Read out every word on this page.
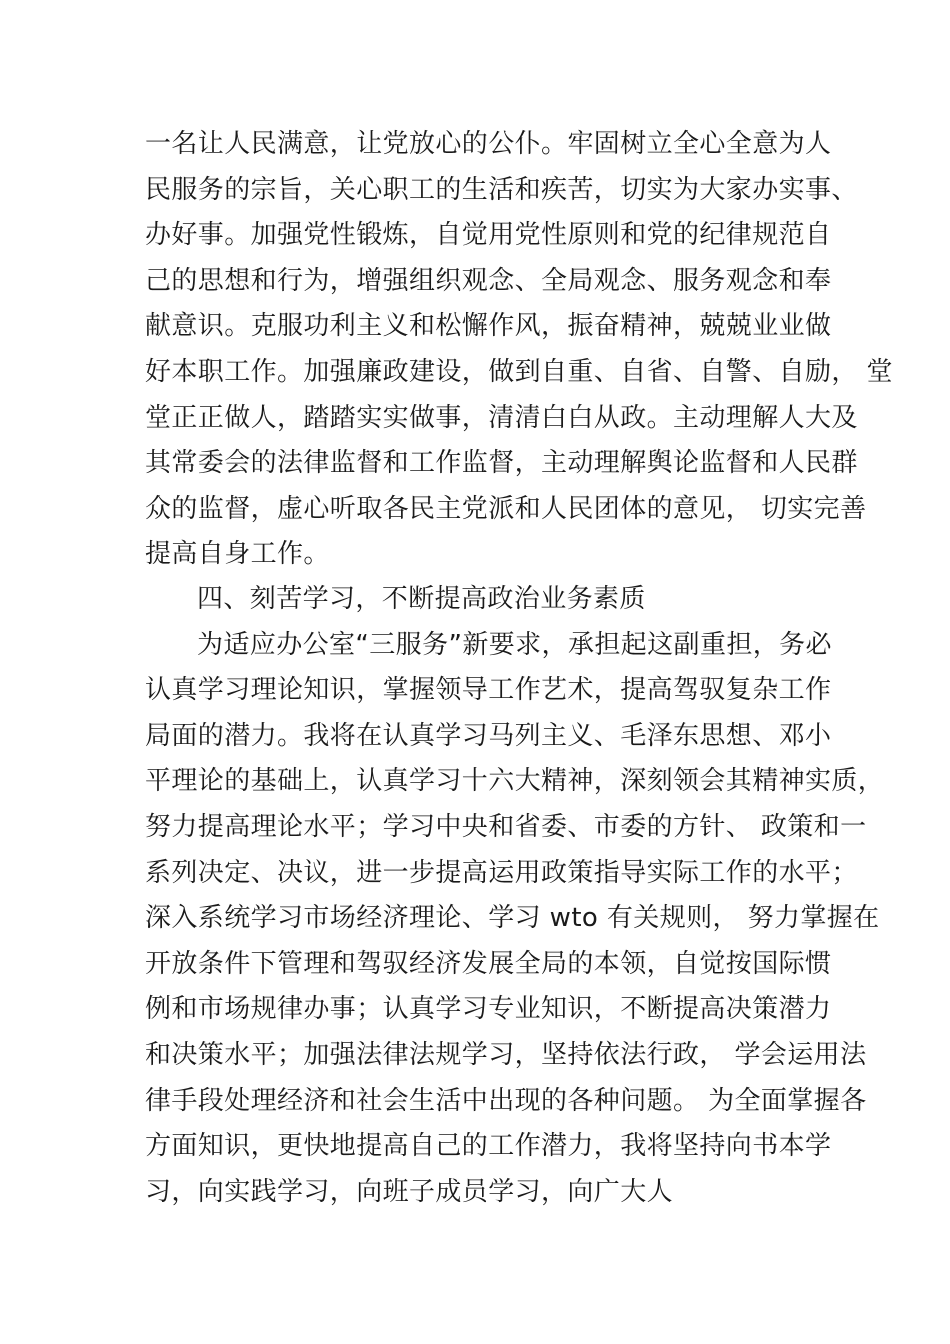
一名让人民满意，让党放心的公仆。牢固树立全心全意为人
民服务的宗旨，关心职工的生活和疾苦，切实为大家办实事、
办好事。加强党性锻炼，自觉用党性原则和党的纪律规范自
己的思想和行为，增强组织观念、全局观念、服务观念和奉
献意识。克服功利主义和松懈作风，振奋精神，兢兢业业做
好本职工作。加强廉政建设，做到自重、自省、自警、自励， 堂
堂正正做人，踏踏实实做事，清清白白从政。主动理解人大及
其常委会的法律监督和工作监督，主动理解舆论监督和人民群
众的监督，虚心听取各民主党派和人民团体的意见， 切实完善
提高自身工作。
四、刻苦学习，不断提高政治业务素质
为适应办公室“三服务”新要求，承担起这副重担，务必
认真学习理论知识，掌握领导工作艺术，提高驾驭复杂工作
局面的潜力。我将在认真学习马列主义、毛泽东思想、邓小
平理论的基础上，认真学习十六大精神，深刻领会其精神实质，
努力提高理论水平；学习中央和省委、市委的方针、 政策和一
系列决定、决议，进一步提高运用政策指导实际工作的水平；
深入系统学习市场经济理论、学习 wto 有关规则， 努力掌握在
开放条件下管理和驾驭经济发展全局的本领，自觉按国际惯
例和市场规律办事；认真学习专业知识，不断提高决策潜力
和决策水平；加强法律法规学习，坚持依法行政， 学会运用法
律手段处理经济和社会生活中出现的各种问题。 为全面掌握各
方面知识，更快地提高自己的工作潜力，我将坚持向书本学
习，向实践学习，向班子成员学习，向广大人
